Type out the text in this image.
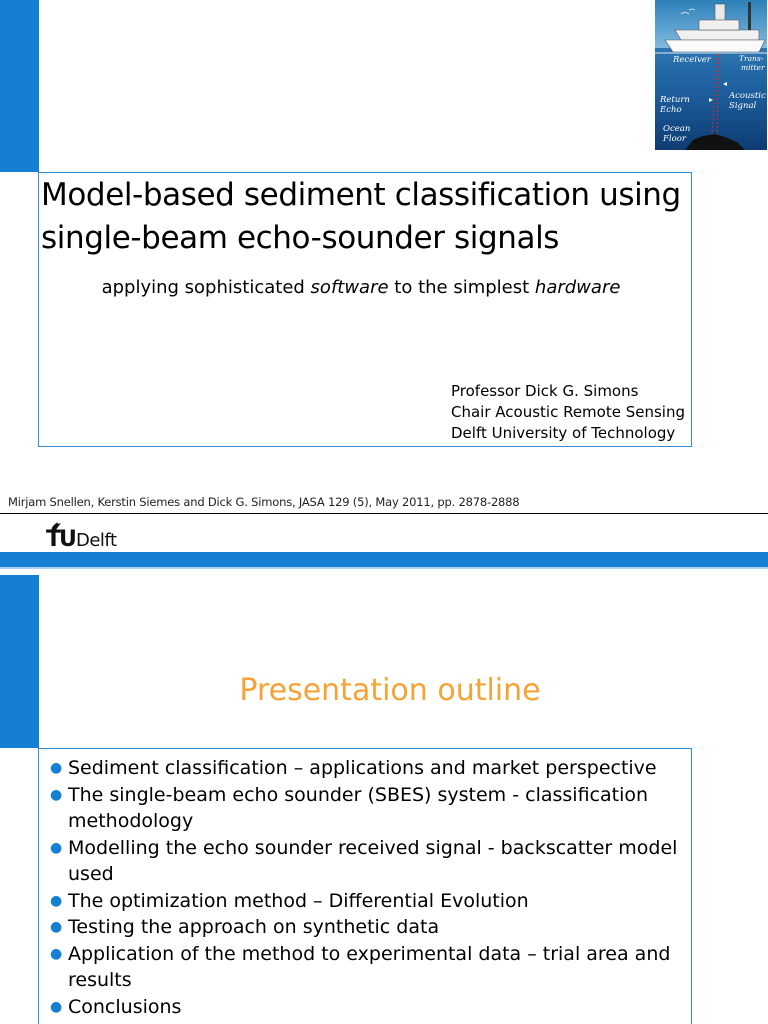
Receiver	Trans-
mitter
Acoustic
Signal
Return
Echo
Ocean
Floor
Model-based sediment classification using
single-beam echo-sounder signals
applying sophisticated software to the simplest hardware
Professor Dick G. Simons
Chair Acoustic Remote Sensing
Delft University of Technology
Mirjam Snellen, Kerstin Siemes and Dick G. Simons, JASA 129 (5), May 2011, pp. 2878-2888
TU Delft
Presentation outline
● Sediment classification – applications and market perspective
● The single-beam echo sounder (SBES) system - classification methodology
● Modelling the echo sounder received signal - backscatter model used
● The optimization method – Differential Evolution
● Testing the approach on synthetic data
● Application of the method to experimental data – trial area and results
● Conclusions
